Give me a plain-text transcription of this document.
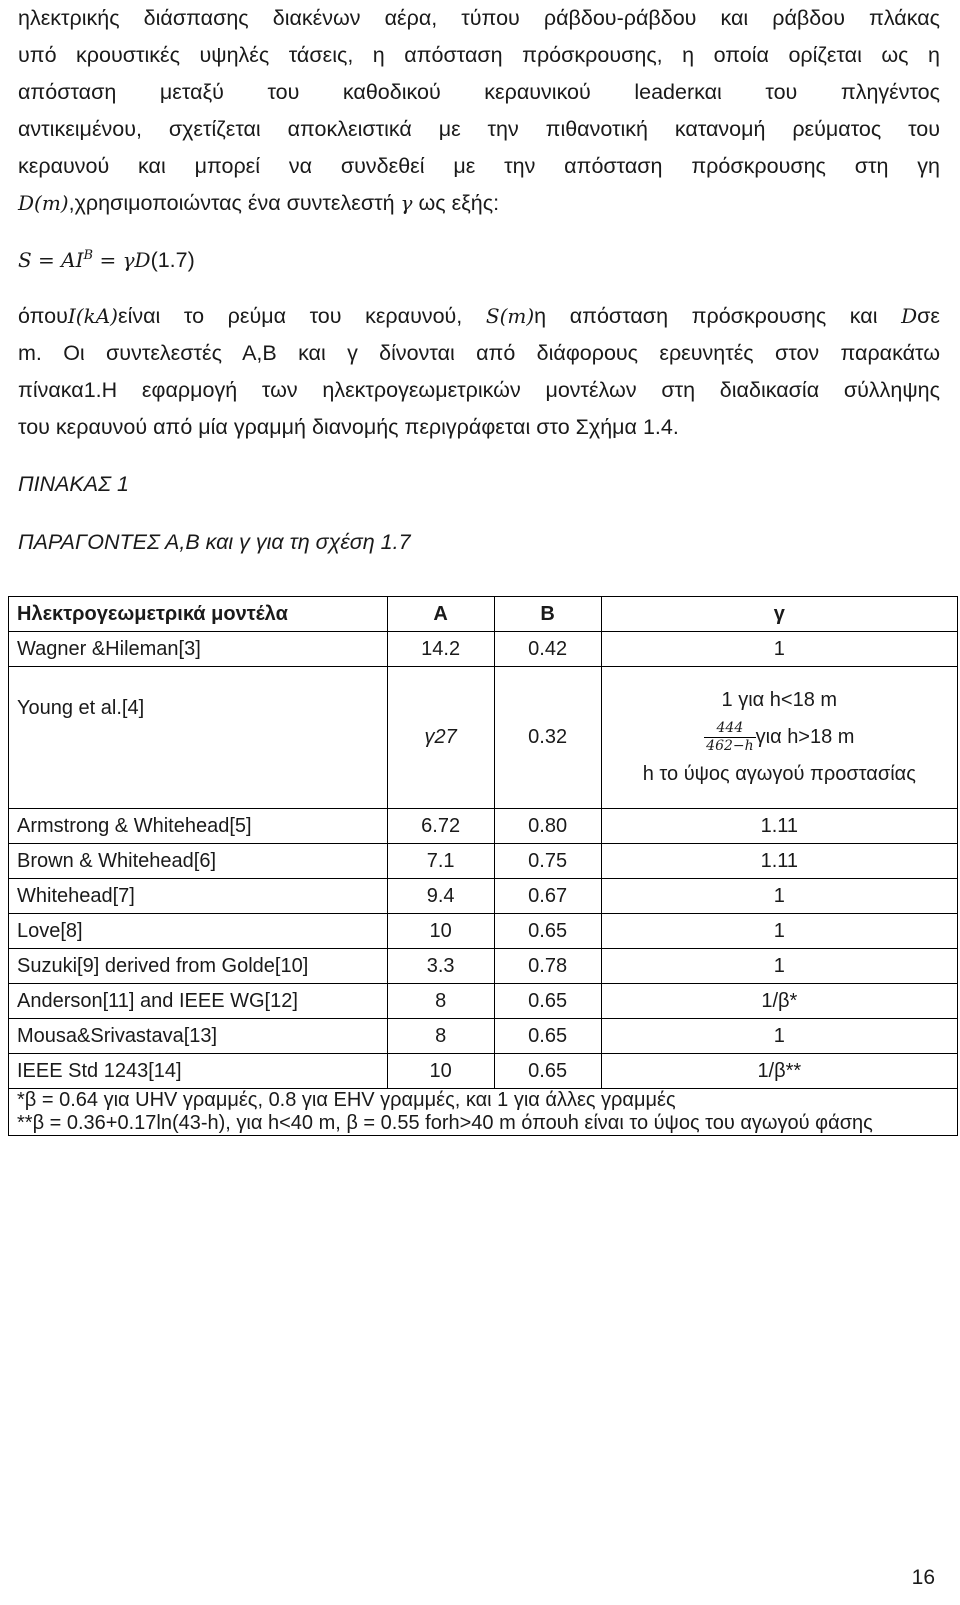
ηλεκτρικής διάσπασης διακένων αέρα, τύπου ράβδου-ράβδου και ράβδου πλάκας
υπό κρουστικές υψηλές τάσεις, η απόσταση πρόσκρουσης, η οποία ορίζεται ως η
απόσταση μεταξύ του καθοδικού κεραυνικού leaderκαι του πληγέντος
αντικειμένου, σχετίζεται αποκλειστικά με την πιθανοτική κατανομή ρεύματος του
κεραυνού και μπορεί να συνδεθεί με την απόσταση πρόσκρουσης στη γη
D(m),χρησιμοποιώντας ένα συντελεστή γ ως εξής:
$S = AI^B = \gamma D(1.7)$
όπουI(kA)είναι το ρεύμα του κεραυνού, S(m)η απόσταση πρόσκρουσης και Dσε
m. Οι συντελεστές Α,Β και γ δίνονται από διάφορους ερευνητές στον παρακάτω
πίνακα1.Η εφαρμογή των ηλεκτρογεωμετρικών μοντέλων στη διαδικασία σύλληψης
του κεραυνού από μία γραμμή διανομής περιγράφεται στο Σχήμα 1.4.
ΠΙΝΑΚΑΣ 1
ΠΑΡΑΓΟΝΤΕΣ Α,Β και γ για τη σχέση 1.7
Ηλεκτρογεωμετρικά μοντέλα	A	B	γ
Wagner &Hileman[3]	14.2	0.42	1
Young et al.[4]	γ27	0.32	1 για h<18 m
$\frac{444}{462-h}$ για h>18 m
h το ύψος αγωγού προστασίας

Armstrong & Whitehead[5]	6.72	0.80	1.11
Brown & Whitehead[6]	7.1	0.75	1.11
Whitehead[7]	9.4	0.67	1
Love[8]	10	0.65	1
Suzuki[9] derived from Golde[10]	3.3	0.78	1
Anderson[11] and IEEE WG[12]	8	0.65	1/β*
Mousa&Srivastava[13]	8	0.65	1
IEEE Std 1243[14]	10	0.65	1/β**

*β = 0.64 για UHV γραμμές, 0.8 για EHV γραμμές, και 1 για άλλες γραμμές
**β = 0.36+0.17ln(43-h), για h<40 m, β = 0.55 forh>40 m όπουh είναι το ύψος του αγωγού φάσης			
16
